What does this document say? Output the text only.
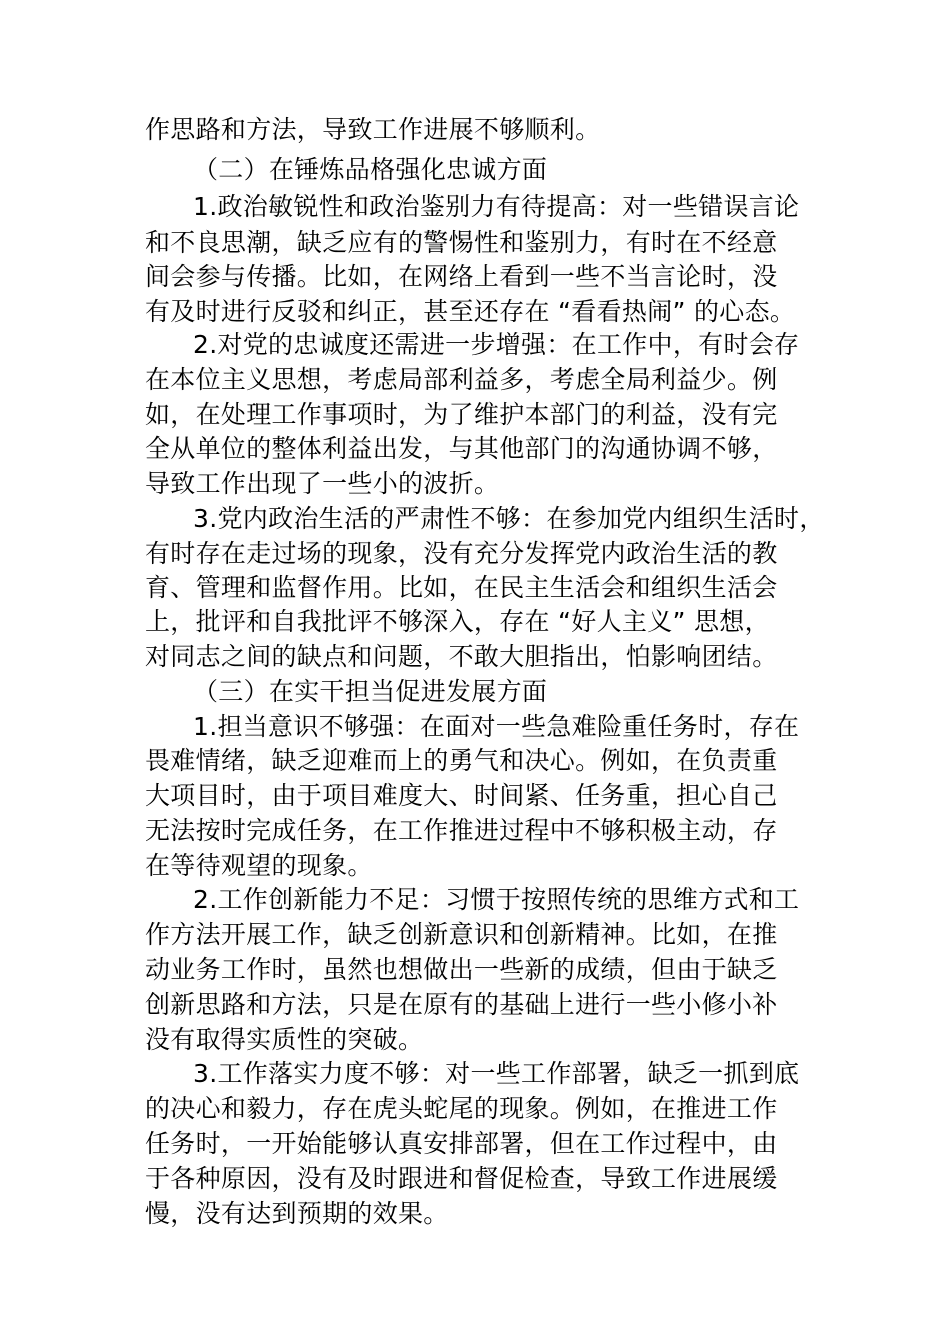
作思路和方法，导致工作进展不够顺利。
（二）在锤炼品格强化忠诚方面
1.政治敏锐性和政治鉴别力有待提高：对一些错误言论
和不良思潮，缺乏应有的警惕性和鉴别力，有时在不经意
间会参与传播。比如，在网络上看到一些不当言论时，没
有及时进行反驳和纠正，甚至还存在 “看看热闹” 的心态。
2.对党的忠诚度还需进一步增强：在工作中，有时会存
在本位主义思想，考虑局部利益多，考虑全局利益少。例
如，在处理工作事项时，为了维护本部门的利益，没有完
全从单位的整体利益出发，与其他部门的沟通协调不够，
导致工作出现了一些小的波折。
3.党内政治生活的严肃性不够：在参加党内组织生活时，
有时存在走过场的现象，没有充分发挥党内政治生活的教
育、管理和监督作用。比如，在民主生活会和组织生活会
上，批评和自我批评不够深入，存在 “好人主义” 思想，
对同志之间的缺点和问题，不敢大胆指出，怕影响团结。
（三）在实干担当促进发展方面
1.担当意识不够强：在面对一些急难险重任务时，存在
畏难情绪，缺乏迎难而上的勇气和决心。例如，在负责重
大项目时，由于项目难度大、时间紧、任务重，担心自己
无法按时完成任务，在工作推进过程中不够积极主动，存
在等待观望的现象。
2.工作创新能力不足：习惯于按照传统的思维方式和工
作方法开展工作，缺乏创新意识和创新精神。比如，在推
动业务工作时，虽然也想做出一些新的成绩，但由于缺乏
创新思路和方法，只是在原有的基础上进行一些小修小补
没有取得实质性的突破。
3.工作落实力度不够：对一些工作部署，缺乏一抓到底
的决心和毅力，存在虎头蛇尾的现象。例如，在推进工作
任务时，一开始能够认真安排部署，但在工作过程中，由
于各种原因，没有及时跟进和督促检查，导致工作进展缓
慢，没有达到预期的效果。
